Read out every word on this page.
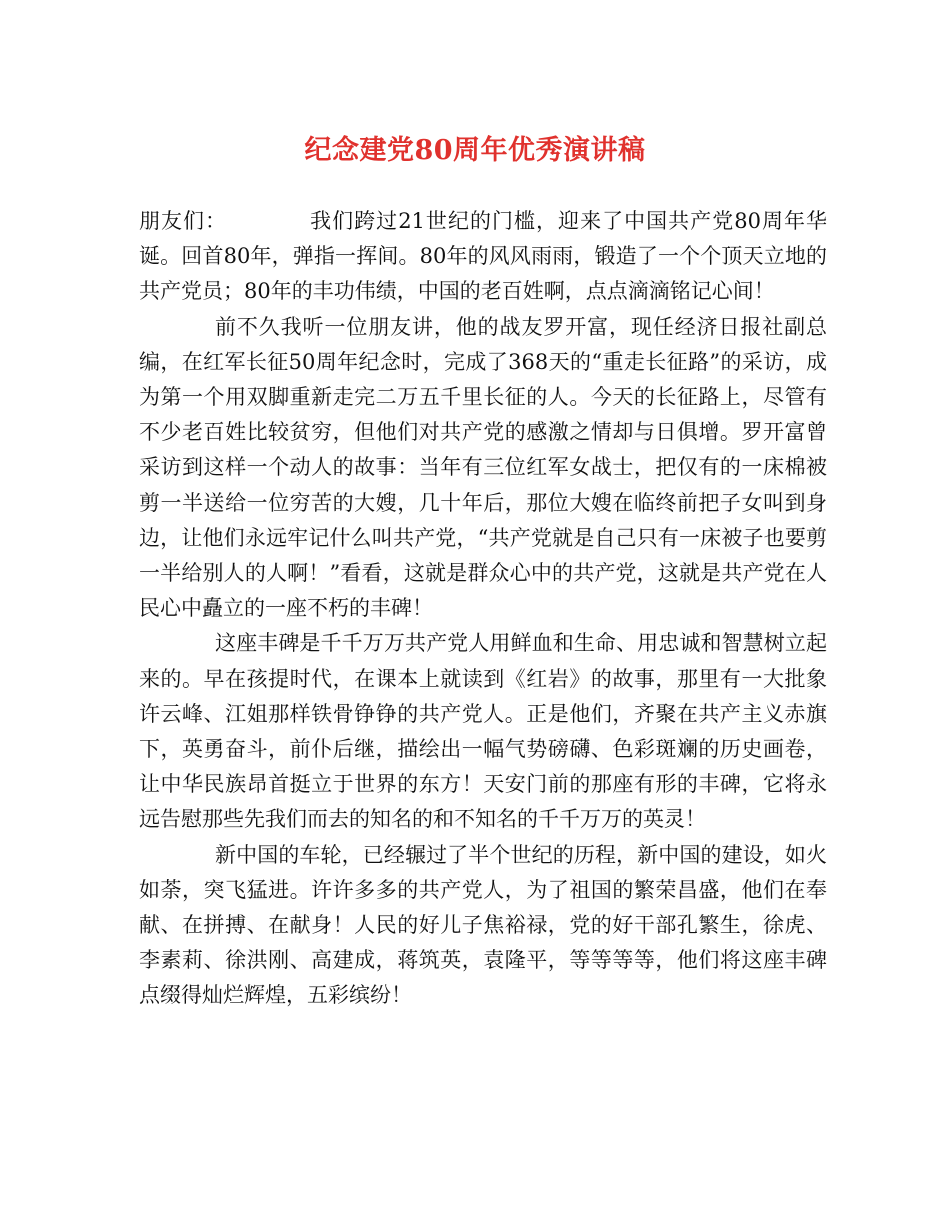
纪念建党80周年优秀演讲稿

朋友们：	我们跨过21世纪的门槛，迎来了中国共产党80周年华诞。回首80年，弹指一挥间。80年的风风雨雨，锻造了一个个顶天立地的共产党员；80年的丰功伟绩，中国的老百姓啊，点点滴滴铭记心间！

前不久我听一位朋友讲，他的战友罗开富，现任经济日报社副总编，在红军长征50周年纪念时，完成了368天的“重走长征路”的采访，成为第一个用双脚重新走完二万五千里长征的人。今天的长征路上，尽管有不少老百姓比较贫穷，但他们对共产党的感激之情却与日俱增。罗开富曾采访到这样一个动人的故事：当年有三位红军女战士，把仅有的一床棉被剪一半送给一位穷苦的大嫂，几十年后，那位大嫂在临终前把子女叫到身边，让他们永远牢记什么叫共产党，“共产党就是自己只有一床被子也要剪一半给别人的人啊！”看看，这就是群众心中的共产党，这就是共产党在人民心中矗立的一座不朽的丰碑！

这座丰碑是千千万万共产党人用鲜血和生命、用忠诚和智慧树立起来的。早在孩提时代，在课本上就读到《红岩》的故事，那里有一大批象许云峰、江姐那样铁骨铮铮的共产党人。正是他们，齐聚在共产主义赤旗下，英勇奋斗，前仆后继，描绘出一幅气势磅礴、色彩斑斓的历史画卷，让中华民族昂首挺立于世界的东方！天安门前的那座有形的丰碑，它将永远告慰那些先我们而去的知名的和不知名的千千万万的英灵！

新中国的车轮，已经辗过了半个世纪的历程，新中国的建设，如火如荼，突飞猛进。许许多多的共产党人，为了祖国的繁荣昌盛，他们在奉献、在拼搏、在献身！人民的好儿子焦裕禄，党的好干部孔繁生，徐虎、李素莉、徐洪刚、高建成，蒋筑英，袁隆平，等等等等，他们将这座丰碑点缀得灿烂辉煌，五彩缤纷！
